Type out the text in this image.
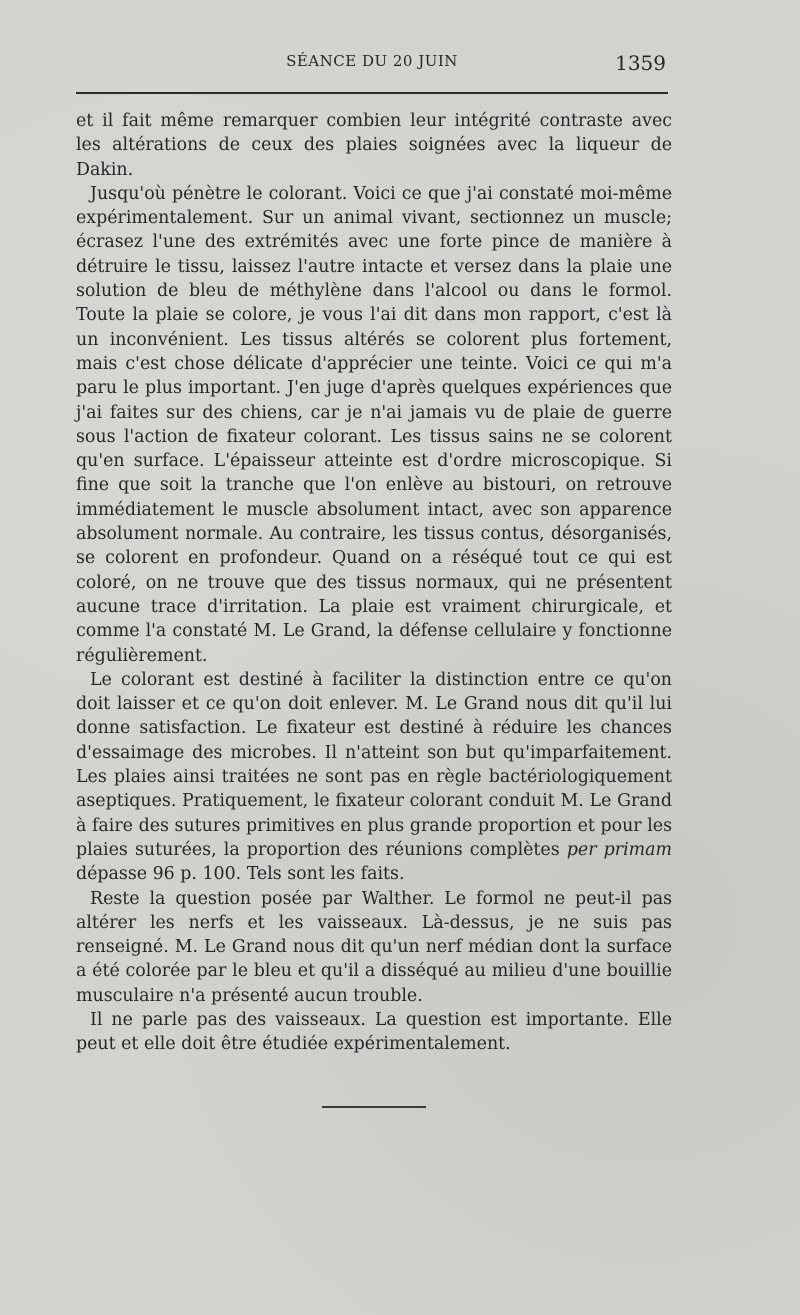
SÉANCE DU 20 JUIN	1359

et il fait même remarquer combien leur intégrité contraste avec les altérations de ceux des plaies soignées avec la liqueur de Dakin.

Jusqu'où pénètre le colorant. Voici ce que j'ai constaté moi-même expérimentalement. Sur un animal vivant, sectionnez un muscle; écrasez l'une des extrémités avec une forte pince de manière à détruire le tissu, laissez l'autre intacte et versez dans la plaie une solution de bleu de méthylène dans l'alcool ou dans le formol. Toute la plaie se colore, je vous l'ai dit dans mon rapport, c'est là un inconvénient. Les tissus altérés se colorent plus fortement, mais c'est chose délicate d'apprécier une teinte. Voici ce qui m'a paru le plus important. J'en juge d'après quelques expériences que j'ai faites sur des chiens, car je n'ai jamais vu de plaie de guerre sous l'action de fixateur colorant. Les tissus sains ne se colorent qu'en surface. L'épaisseur atteinte est d'ordre microscopique. Si fine que soit la tranche que l'on enlève au bistouri, on retrouve immédiatement le muscle absolument intact, avec son apparence absolument normale. Au contraire, les tissus contus, désorganisés, se colorent en profondeur. Quand on a réséqué tout ce qui est coloré, on ne trouve que des tissus normaux, qui ne présentent aucune trace d'irritation. La plaie est vraiment chirurgicale, et comme l'a constaté M. Le Grand, la défense cellulaire y fonctionne régulièrement.

Le colorant est destiné à faciliter la distinction entre ce qu'on doit laisser et ce qu'on doit enlever. M. Le Grand nous dit qu'il lui donne satisfaction. Le fixateur est destiné à réduire les chances d'essaimage des microbes. Il n'atteint son but qu'imparfaitement. Les plaies ainsi traitées ne sont pas en règle bactériologiquement aseptiques. Pratiquement, le fixateur colorant conduit M. Le Grand à faire des sutures primitives en plus grande proportion et pour les plaies suturées, la proportion des réunions complètes per primam dépasse 96 p. 100. Tels sont les faits.

Reste la question posée par Walther. Le formol ne peut-il pas altérer les nerfs et les vaisseaux. Là-dessus, je ne suis pas renseigné. M. Le Grand nous dit qu'un nerf médian dont la surface a été colorée par le bleu et qu'il a disséqué au milieu d'une bouillie musculaire n'a présenté aucun trouble.

Il ne parle pas des vaisseaux. La question est importante. Elle peut et elle doit être étudiée expérimentalement.
